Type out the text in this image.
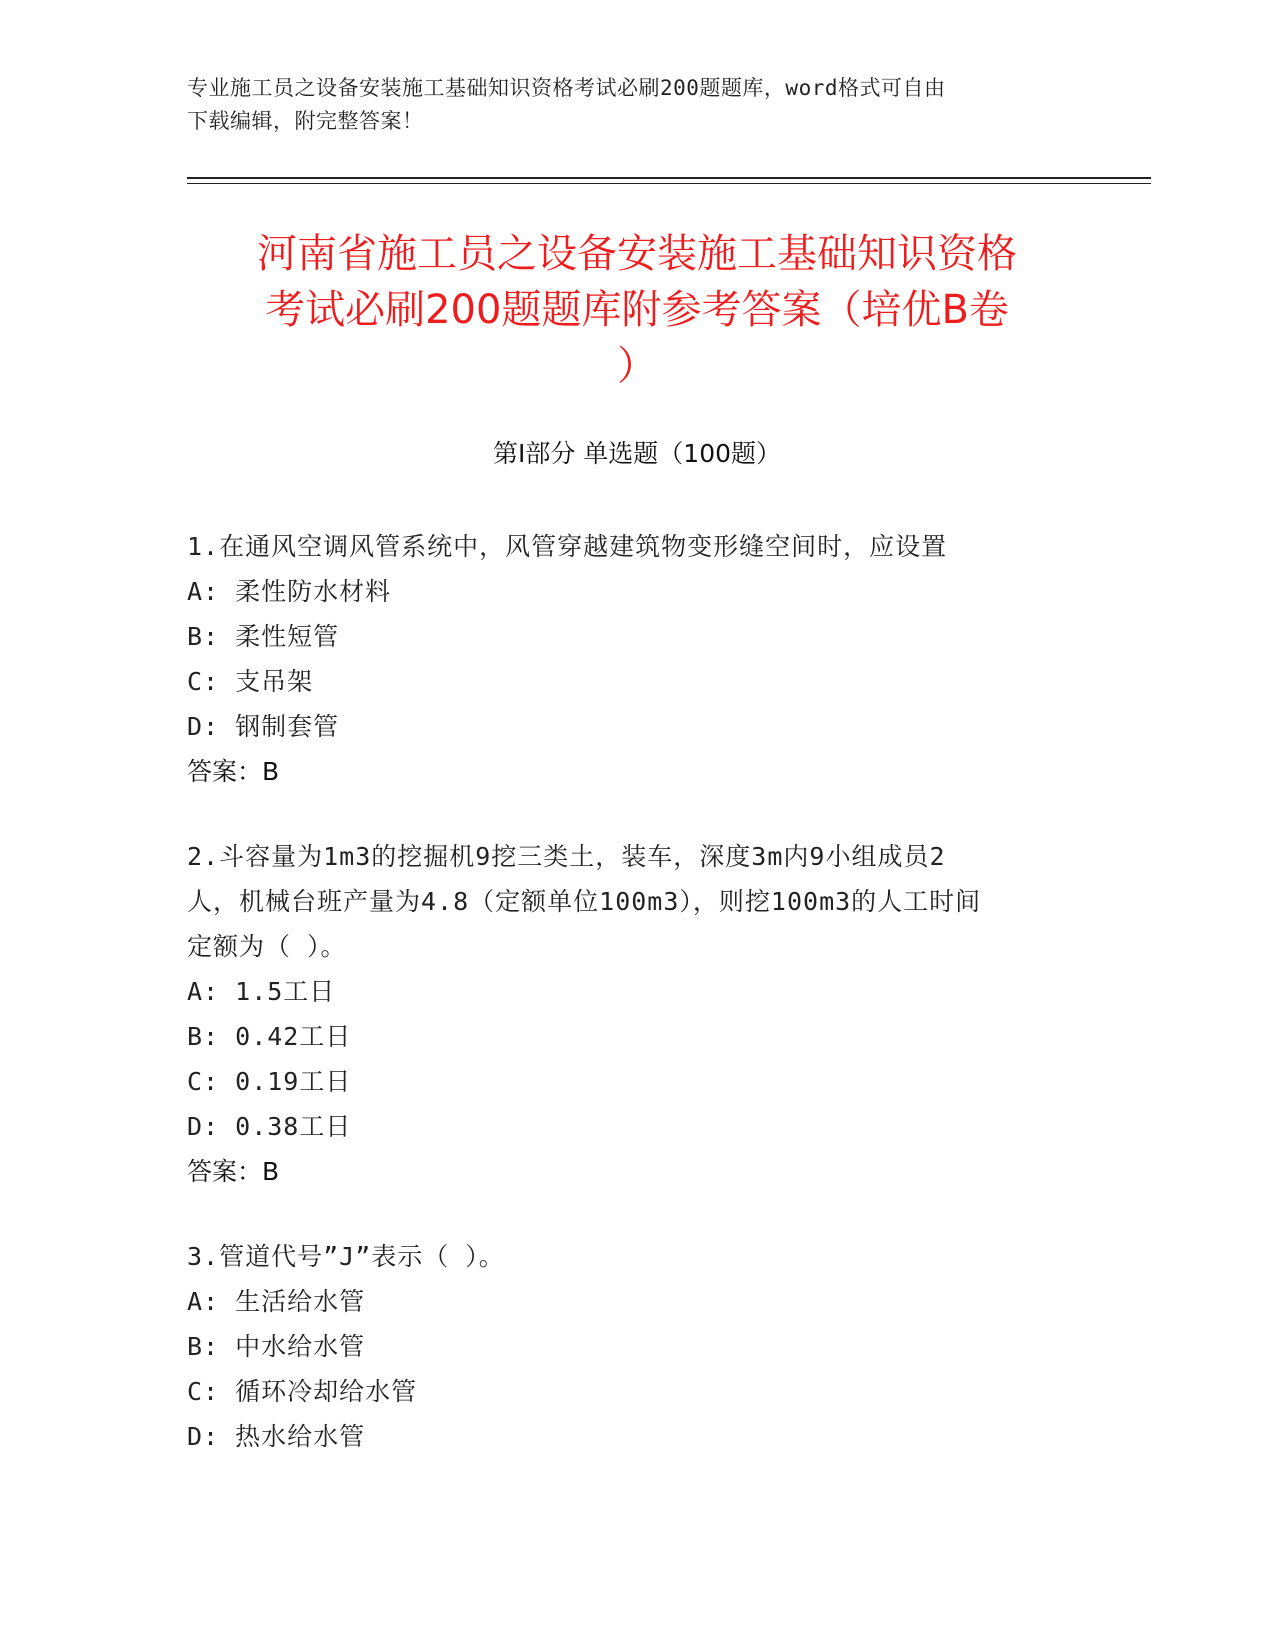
专业施工员之设备安装施工基础知识资格考试必刷200题题库，word格式可自由
下载编辑，附完整答案！
河南省施工员之设备安装施工基础知识资格
考试必刷200题题库附参考答案（培优B卷
）
第I部分 单选题（100题）

1.在通风空调风管系统中，风管穿越建筑物变形缝空间时，应设置

A: 柔性防水材料

B: 柔性短管

C: 支吊架

D: 钢制套管

答案：B

2.斗容量为1m3的挖掘机9挖三类土，装车，深度3m内9小组成员2

人，机械台班产量为4.8（定额单位100m3），则挖100m3的人工时间

定额为（ ）。

A: 1.5工日

B: 0.42工日

C: 0.19工日

D: 0.38工日

答案：B

3.管道代号”J”表示（ ）。

A: 生活给水管

B: 中水给水管

C: 循环冷却给水管

D: 热水给水管
